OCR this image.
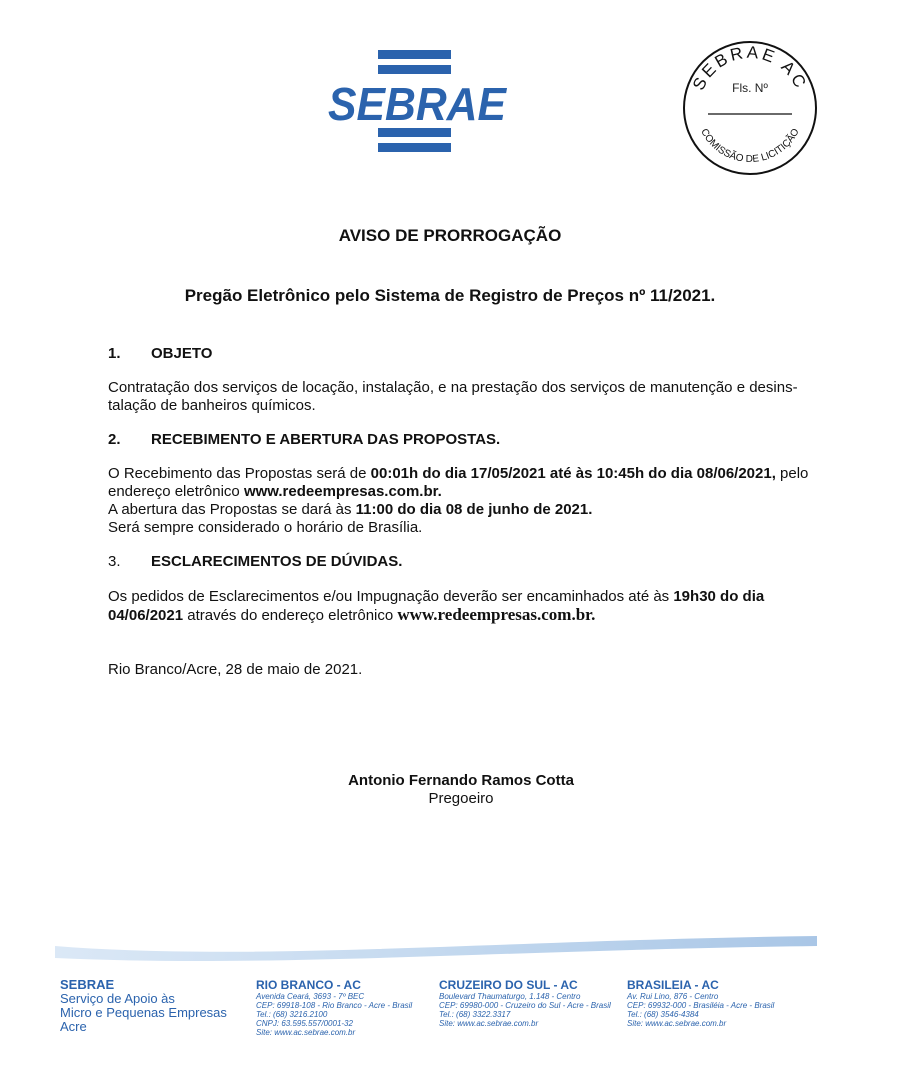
SEBRAE	SEBRAE AC
COMISSÃO DE LICITIÇÃO
Fls. Nº
AVISO DE PRORROGAÇÃO
Pregão Eletrônico pelo Sistema de Registro de Preços nº 11/2021.
1. OBJETO
Contratação dos serviços de locação, instalação, e na prestação dos serviços de manutenção e desins- talação de banheiros químicos.
2. RECEBIMENTO E ABERTURA DAS PROPOSTAS.
O Recebimento das Propostas será de 00:01h do dia 17/05/2021 até às 10:45h do dia 08/06/2021, pelo endereço eletrônico www.redeempresas.com.br.
A abertura das Propostas se dará às 11:00 do dia 08 de junho de 2021.
Será sempre considerado o horário de Brasília.
3. ESCLARECIMENTOS DE DÚVIDAS.
Os pedidos de Esclarecimentos e/ou Impugnação deverão ser encaminhados até às 19h30 do dia 04/06/2021 através do endereço eletrônico www.redeempresas.com.br.
Rio Branco/Acre, 28 de maio de 2021.
Antonio Fernando Ramos Cotta
Pregoeiro
SEBRAE
Serviço de Apoio às
Micro e Pequenas Empresas
Acre
RIO BRANCO - AC
Avenida Ceará, 3693 - 7º BEC
CEP: 69918-108 - Rio Branco - Acre - Brasil
Tel.: (68) 3216.2100
CNPJ: 63.595.557/0001-32
Site: www.ac.sebrae.com.br
CRUZEIRO DO SUL - AC
Boulevard Thaumaturgo, 1.148 - Centro
CEP: 69980-000 - Cruzeiro do Sul - Acre - Brasil
Tel.: (68) 3322.3317
Site: www.ac.sebrae.com.br
BRASILEIA - AC
Av. Rui Lino, 876 - Centro
CEP: 69932-000 - Brasiléia - Acre - Brasil
Tel.: (68) 3546-4384
Site: www.ac.sebrae.com.br
